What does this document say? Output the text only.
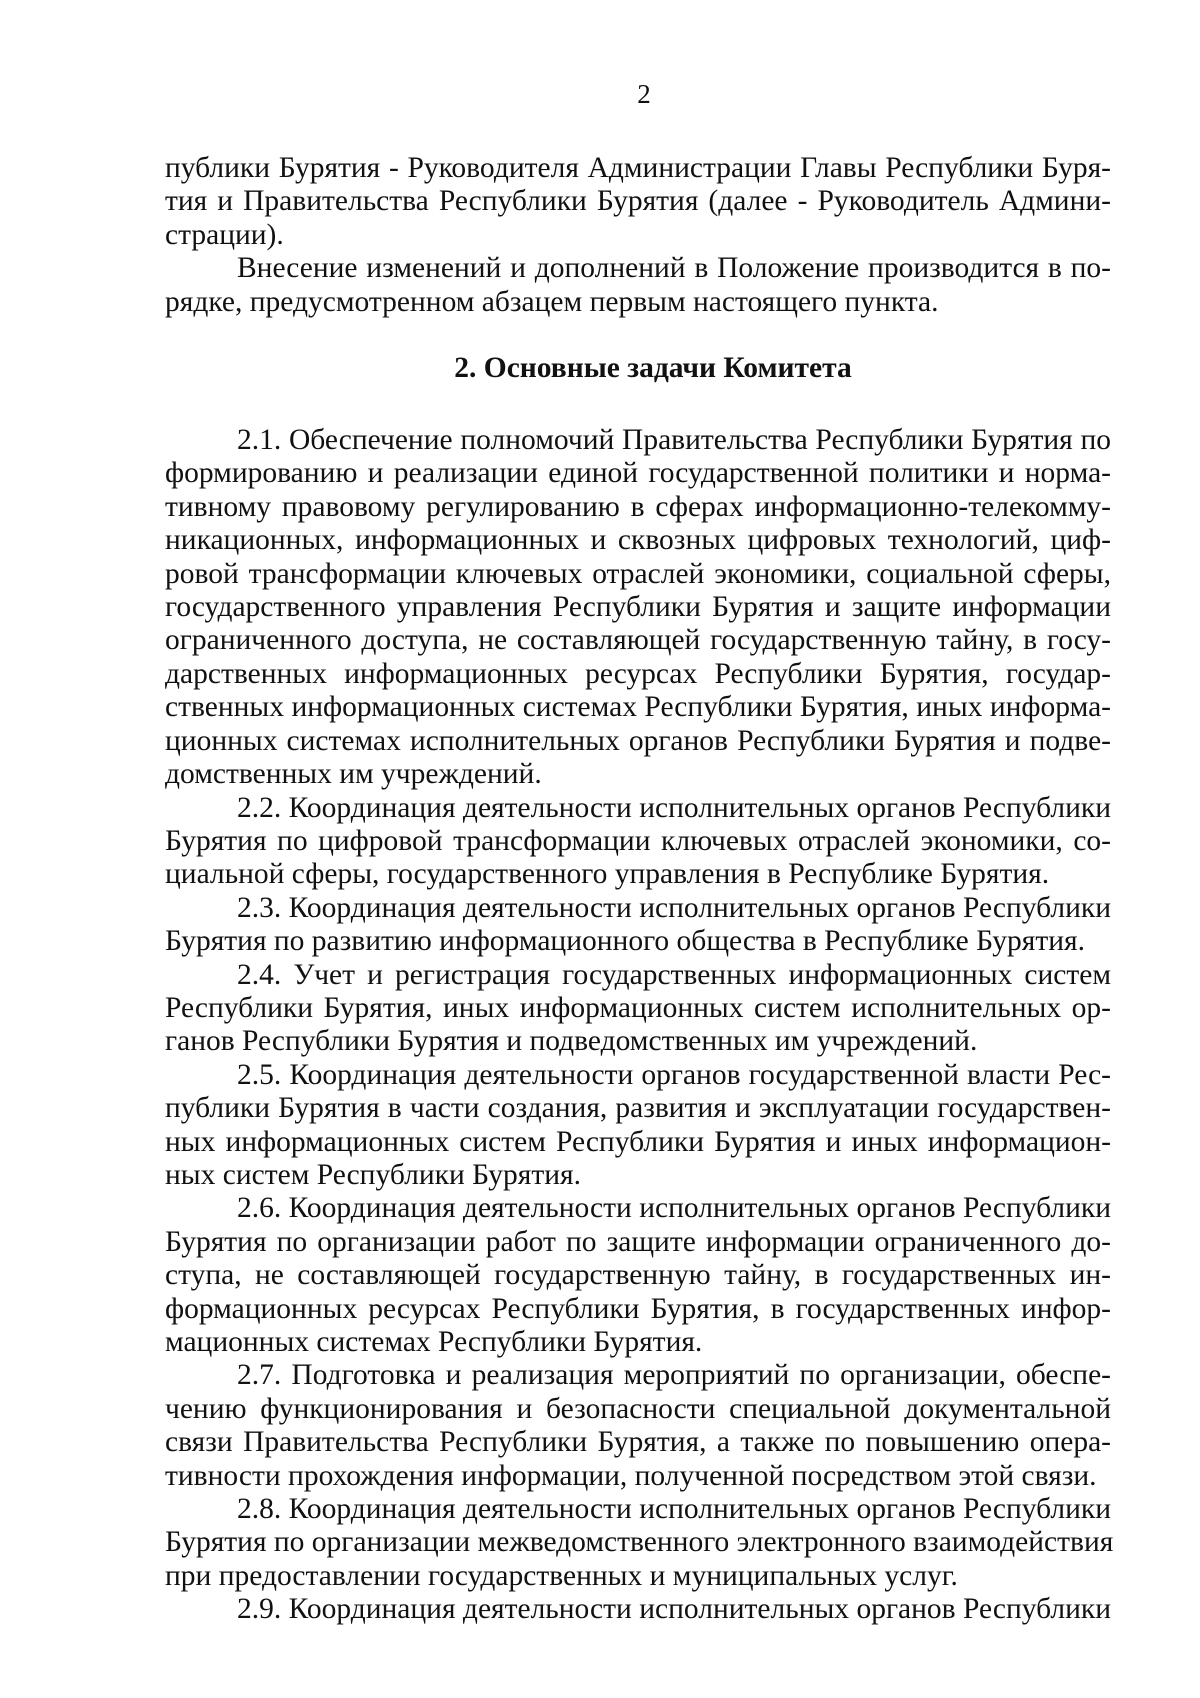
2
публики Бурятия - Руководителя Администрации Главы Республики Буря-
тия и Правительства Республики Бурятия (далее - Руководитель Админи-
страции).
Внесение изменений и дополнений в Положение производится в по-
рядке, предусмотренном абзацем первым настоящего пункта.
2. Основные задачи Комитета
2.1. Обеспечение полномочий Правительства Республики Бурятия по
формированию и реализации единой государственной политики и норма-
тивному правовому регулированию в сферах информационно-телекомму-
никационных, информационных и сквозных цифровых технологий, циф-
ровой трансформации ключевых отраслей экономики, социальной сферы,
государственного управления Республики Бурятия и защите информации
ограниченного доступа, не составляющей государственную тайну, в госу-
дарственных информационных ресурсах Республики Бурятия, государ-
ственных информационных системах Республики Бурятия, иных информа-
ционных системах исполнительных органов Республики Бурятия и подве-
домственных им учреждений.
2.2. Координация деятельности исполнительных органов Республики
Бурятия по цифровой трансформации ключевых отраслей экономики, со-
циальной сферы, государственного управления в Республике Бурятия.
2.3. Координация деятельности исполнительных органов Республики
Бурятия по развитию информационного общества в Республике Бурятия.
2.4. Учет и регистрация государственных информационных систем
Республики Бурятия, иных информационных систем исполнительных ор-
ганов Республики Бурятия и подведомственных им учреждений.
2.5. Координация деятельности органов государственной власти Рес-
публики Бурятия в части создания, развития и эксплуатации государствен-
ных информационных систем Республики Бурятия и иных информацион-
ных систем Республики Бурятия.
2.6. Координация деятельности исполнительных органов Республики
Бурятия по организации работ по защите информации ограниченного до-
ступа, не составляющей государственную тайну, в государственных ин-
формационных ресурсах Республики Бурятия, в государственных инфор-
мационных системах Республики Бурятия.
2.7. Подготовка и реализация мероприятий по организации, обеспе-
чению функционирования и безопасности специальной документальной
связи Правительства Республики Бурятия, а также по повышению опера-
тивности прохождения информации, полученной посредством этой связи.
2.8. Координация деятельности исполнительных органов Республики
Бурятия по организации межведомственного электронного взаимодействия
при предоставлении государственных и муниципальных услуг.
2.9. Координация деятельности исполнительных органов Республики
